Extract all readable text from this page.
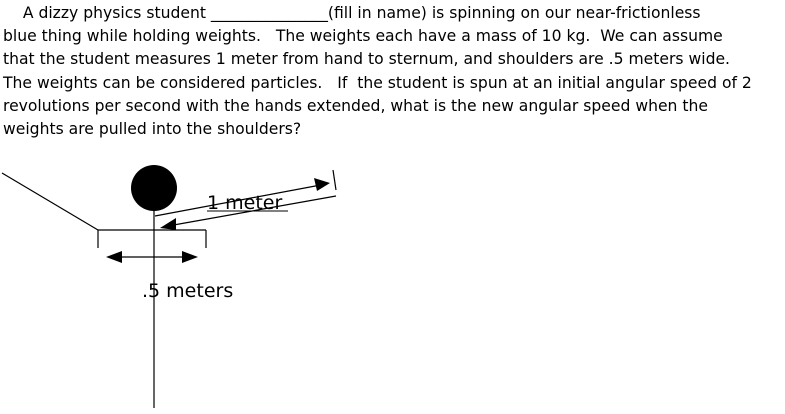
A dizzy physics student _______________(fill in name) is spinning on our near-frictionless
blue thing while holding weights.   The weights each have a mass of 10 kg.  We can assume
that the student measures 1 meter from hand to sternum, and shoulders are .5 meters wide.
The weights can be considered particles.   If  the student is spun at an initial angular speed of 2
revolutions per second with the hands extended, what is the new angular speed when the
weights are pulled into the shoulders?
1 meter
.5 meters
